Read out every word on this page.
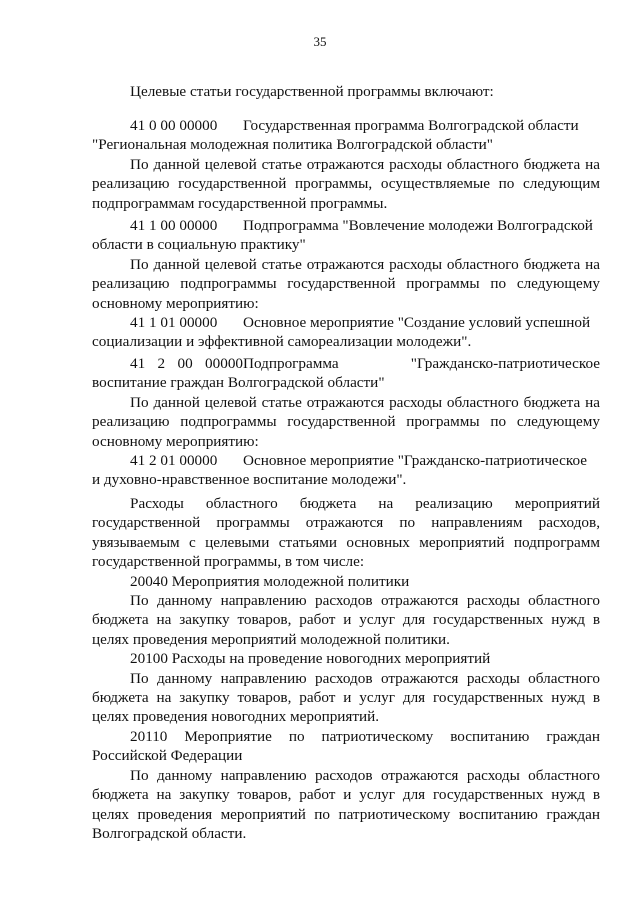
35

Целевые статьи государственной программы включают:

41 0 00 00000 Государственная программа Волгоградской области

"Региональная молодежная политика Волгоградской области"

По данной целевой статье отражаются расходы областного бюджета на реализацию государственной программы, осуществляемые по следующим подпрограммам государственной программы.

41 1 00 00000 Подпрограмма "Вовлечение молодежи Волгоградской

области в социальную практику"

По данной целевой статье отражаются расходы областного бюджета на реализацию подпрограммы государственной программы по следующему основному мероприятию:

41 1 01 00000 Основное мероприятие "Создание условий успешной

социализации и эффективной самореализации молодежи".

41 2 00 00000Подпрограмма "Гражданско-патриотическое

воспитание граждан Волгоградской области"

По данной целевой статье отражаются расходы областного бюджета на реализацию подпрограммы государственной программы по следующему основному мероприятию:

41 2 01 00000 Основное мероприятие "Гражданско-патриотическое

и духовно-нравственное воспитание молодежи".

Расходы областного бюджета на реализацию мероприятий государственной программы отражаются по направлениям расходов, увязываемым с целевыми статьями основных мероприятий подпрограмм государственной программы, в том числе:

20040 Мероприятия молодежной политики

По данному направлению расходов отражаются расходы областного бюджета на закупку товаров, работ и услуг для государственных нужд в целях проведения мероприятий молодежной политики.

20100 Расходы на проведение новогодних мероприятий

По данному направлению расходов отражаются расходы областного бюджета на закупку товаров, работ и услуг для государственных нужд в целях проведения новогодних мероприятий.

20110 Мероприятие по патриотическому воспитанию граждан Российской Федерации

По данному направлению расходов отражаются расходы областного бюджета на закупку товаров, работ и услуг для государственных нужд в целях проведения мероприятий по патриотическому воспитанию граждан Волгоградской области.
